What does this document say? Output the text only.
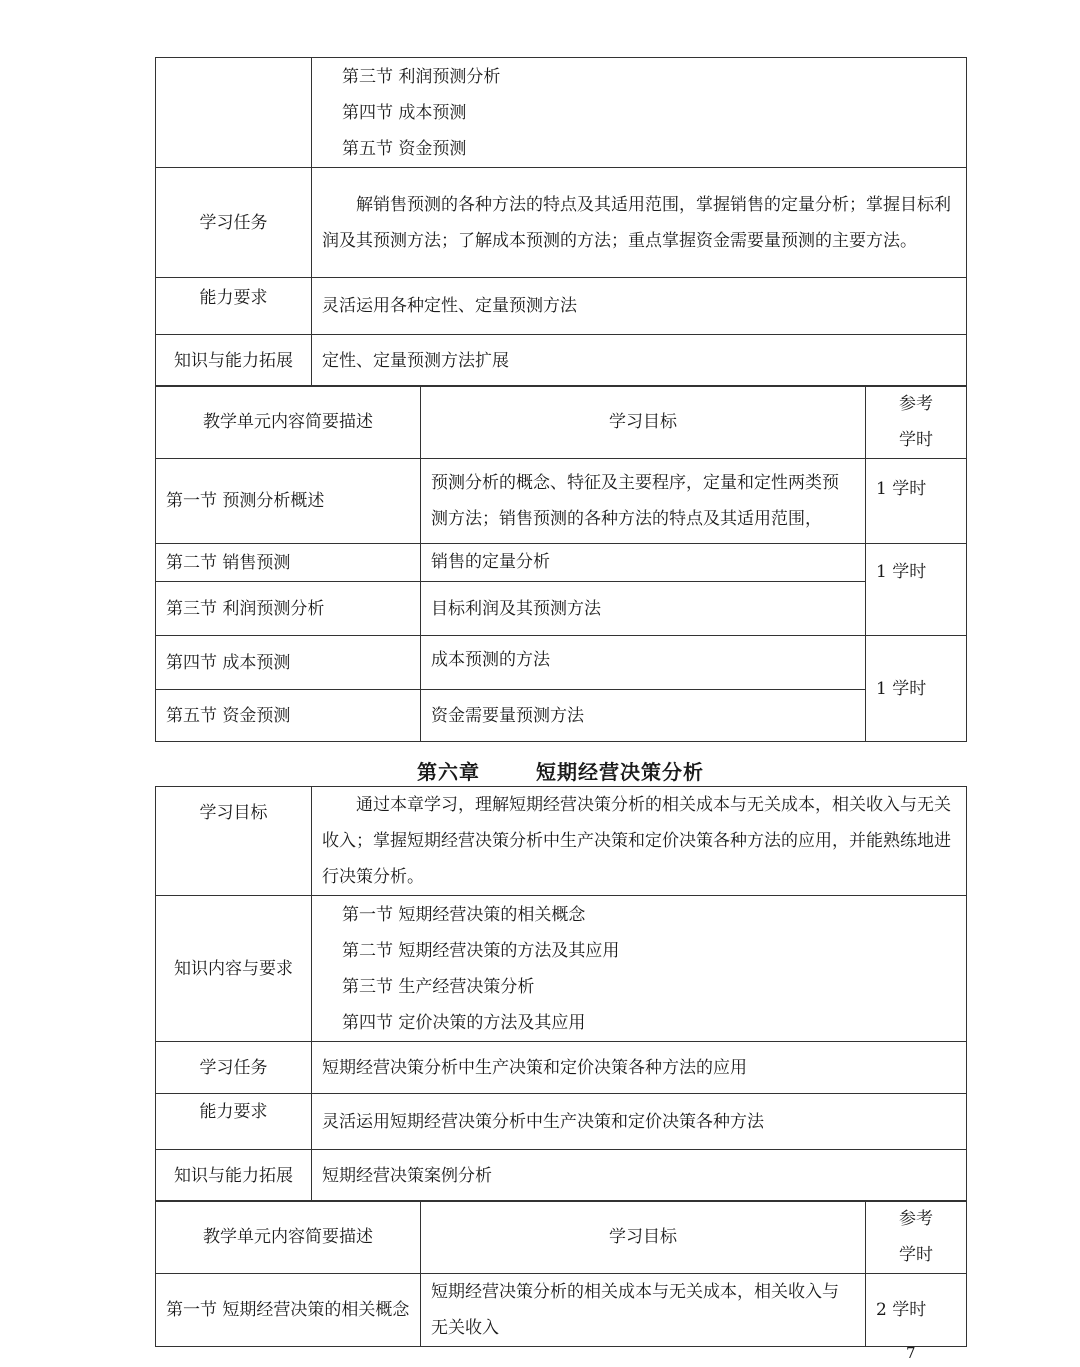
	第三节 利润预测分析
第四节 成本预测
第五节 资金预测

学习任务	解销售预测的各种方法的特点及其适用范围，掌握销售的定量分析；掌握目标利润及其预测方法；了解成本预测的方法；重点掌握资金需要量预测的主要方法。

能力要求	灵活运用各种定性、定量预测方法
知识与能力拓展	定性、定量预测方法扩展
教学单元内容简要描述	学习目标	参考
学时

第一节 预测分析概述	预测分析的概念、特征及主要程序，定量和定性两类预测方法；销售预测的各种方法的特点及其适用范围，	1 学时
第二节 销售预测	销售的定量分析	1 学时
第三节 利润预测分析	目标利润及其预测方法	
第四节 成本预测	成本预测的方法	1 学时
第五节 资金预测	资金需要量预测方法	
第六章	短期经营决策分析
学习目标	通过本章学习，理解短期经营决策分析的相关成本与无关成本，相关收入与无关收入；掌握短期经营决策分析中生产决策和定价决策各种方法的应用，并能熟练地进行决策分析。

知识内容与要求	第一节 短期经营决策的相关概念
第二节 短期经营决策的方法及其应用
第三节 生产经营决策分析
第四节 定价决策的方法及其应用

学习任务	短期经营决策分析中生产决策和定价决策各种方法的应用
能力要求	灵活运用短期经营决策分析中生产决策和定价决策各种方法
知识与能力拓展	短期经营决策案例分析
教学单元内容简要描述	学习目标	参考
学时

第一节 短期经营决策的相关概念	短期经营决策分析的相关成本与无关成本，相关收入与无关收入	2 学时
7
